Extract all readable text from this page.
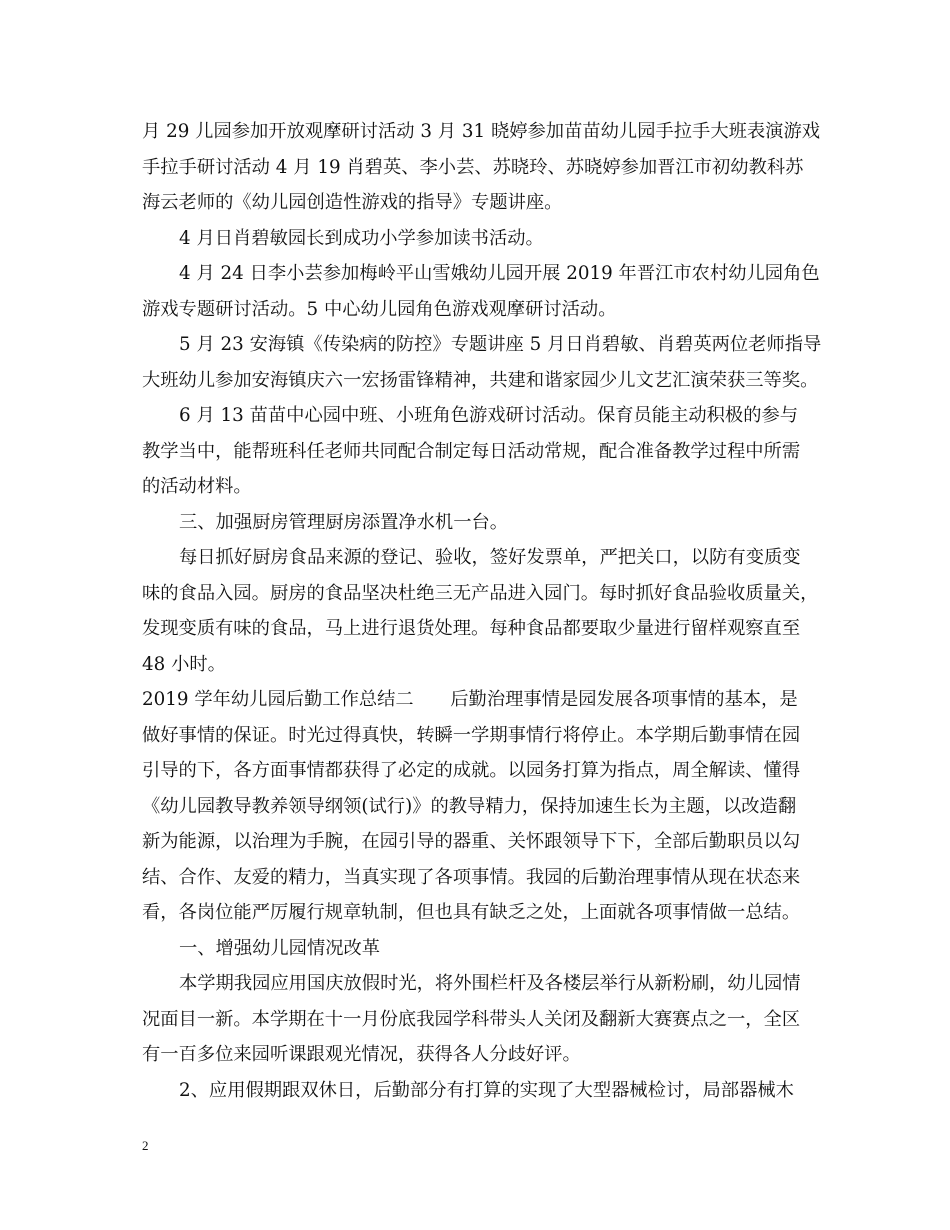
月 29 儿园参加开放观摩研讨活动 3 月 31 晓婷参加苗苗幼儿园手拉手大班表演游戏
手拉手研讨活动 4 月 19 肖碧英、李小芸、苏晓玲、苏晓婷参加晋江市初幼教科苏
海云老师的《幼儿园创造性游戏的指导》专题讲座。
4 月日肖碧敏园长到成功小学参加读书活动。
4 月 24 日李小芸参加梅岭平山雪娥幼儿园开展 2019 年晋江市农村幼儿园角色
游戏专题研讨活动。5 中心幼儿园角色游戏观摩研讨活动。
5 月 23 安海镇《传染病的防控》专题讲座 5 月日肖碧敏、肖碧英两位老师指导
大班幼儿参加安海镇庆六一宏扬雷锋精神，共建和谐家园少儿文艺汇演荣获三等奖。
6 月 13 苗苗中心园中班、小班角色游戏研讨活动。保育员能主动积极的参与
教学当中，能帮班科任老师共同配合制定每日活动常规，配合准备教学过程中所需
的活动材料。
三、加强厨房管理厨房添置净水机一台。
每日抓好厨房食品来源的登记、验收，签好发票单，严把关口，以防有变质变
味的食品入园。厨房的食品坚决杜绝三无产品进入园门。每时抓好食品验收质量关，
发现变质有味的食品，马上进行退货处理。每种食品都要取少量进行留样观察直至
48 小时。
2019 学年幼儿园后勤工作总结二　　后勤治理事情是园发展各项事情的基本，是
做好事情的保证。时光过得真快，转瞬一学期事情行将停止。本学期后勤事情在园
引导的下，各方面事情都获得了必定的成就。以园务打算为指点，周全解读、懂得
《幼儿园教导教养领导纲领(试行)》的教导精力，保持加速生长为主题，以改造翻
新为能源，以治理为手腕，在园引导的器重、关怀跟领导下下，全部后勤职员以勾
结、合作、友爱的精力，当真实现了各项事情。我园的后勤治理事情从现在状态来
看，各岗位能严厉履行规章轨制，但也具有缺乏之处，上面就各项事情做一总结。
一、增强幼儿园情况改革
本学期我园应用国庆放假时光，将外围栏杆及各楼层举行从新粉刷，幼儿园情
况面目一新。本学期在十一月份底我园学科带头人关闭及翻新大赛赛点之一，全区
有一百多位来园听课跟观光情况，获得各人分歧好评。
2、应用假期跟双休日，后勤部分有打算的实现了大型器械检讨，局部器械木
2
